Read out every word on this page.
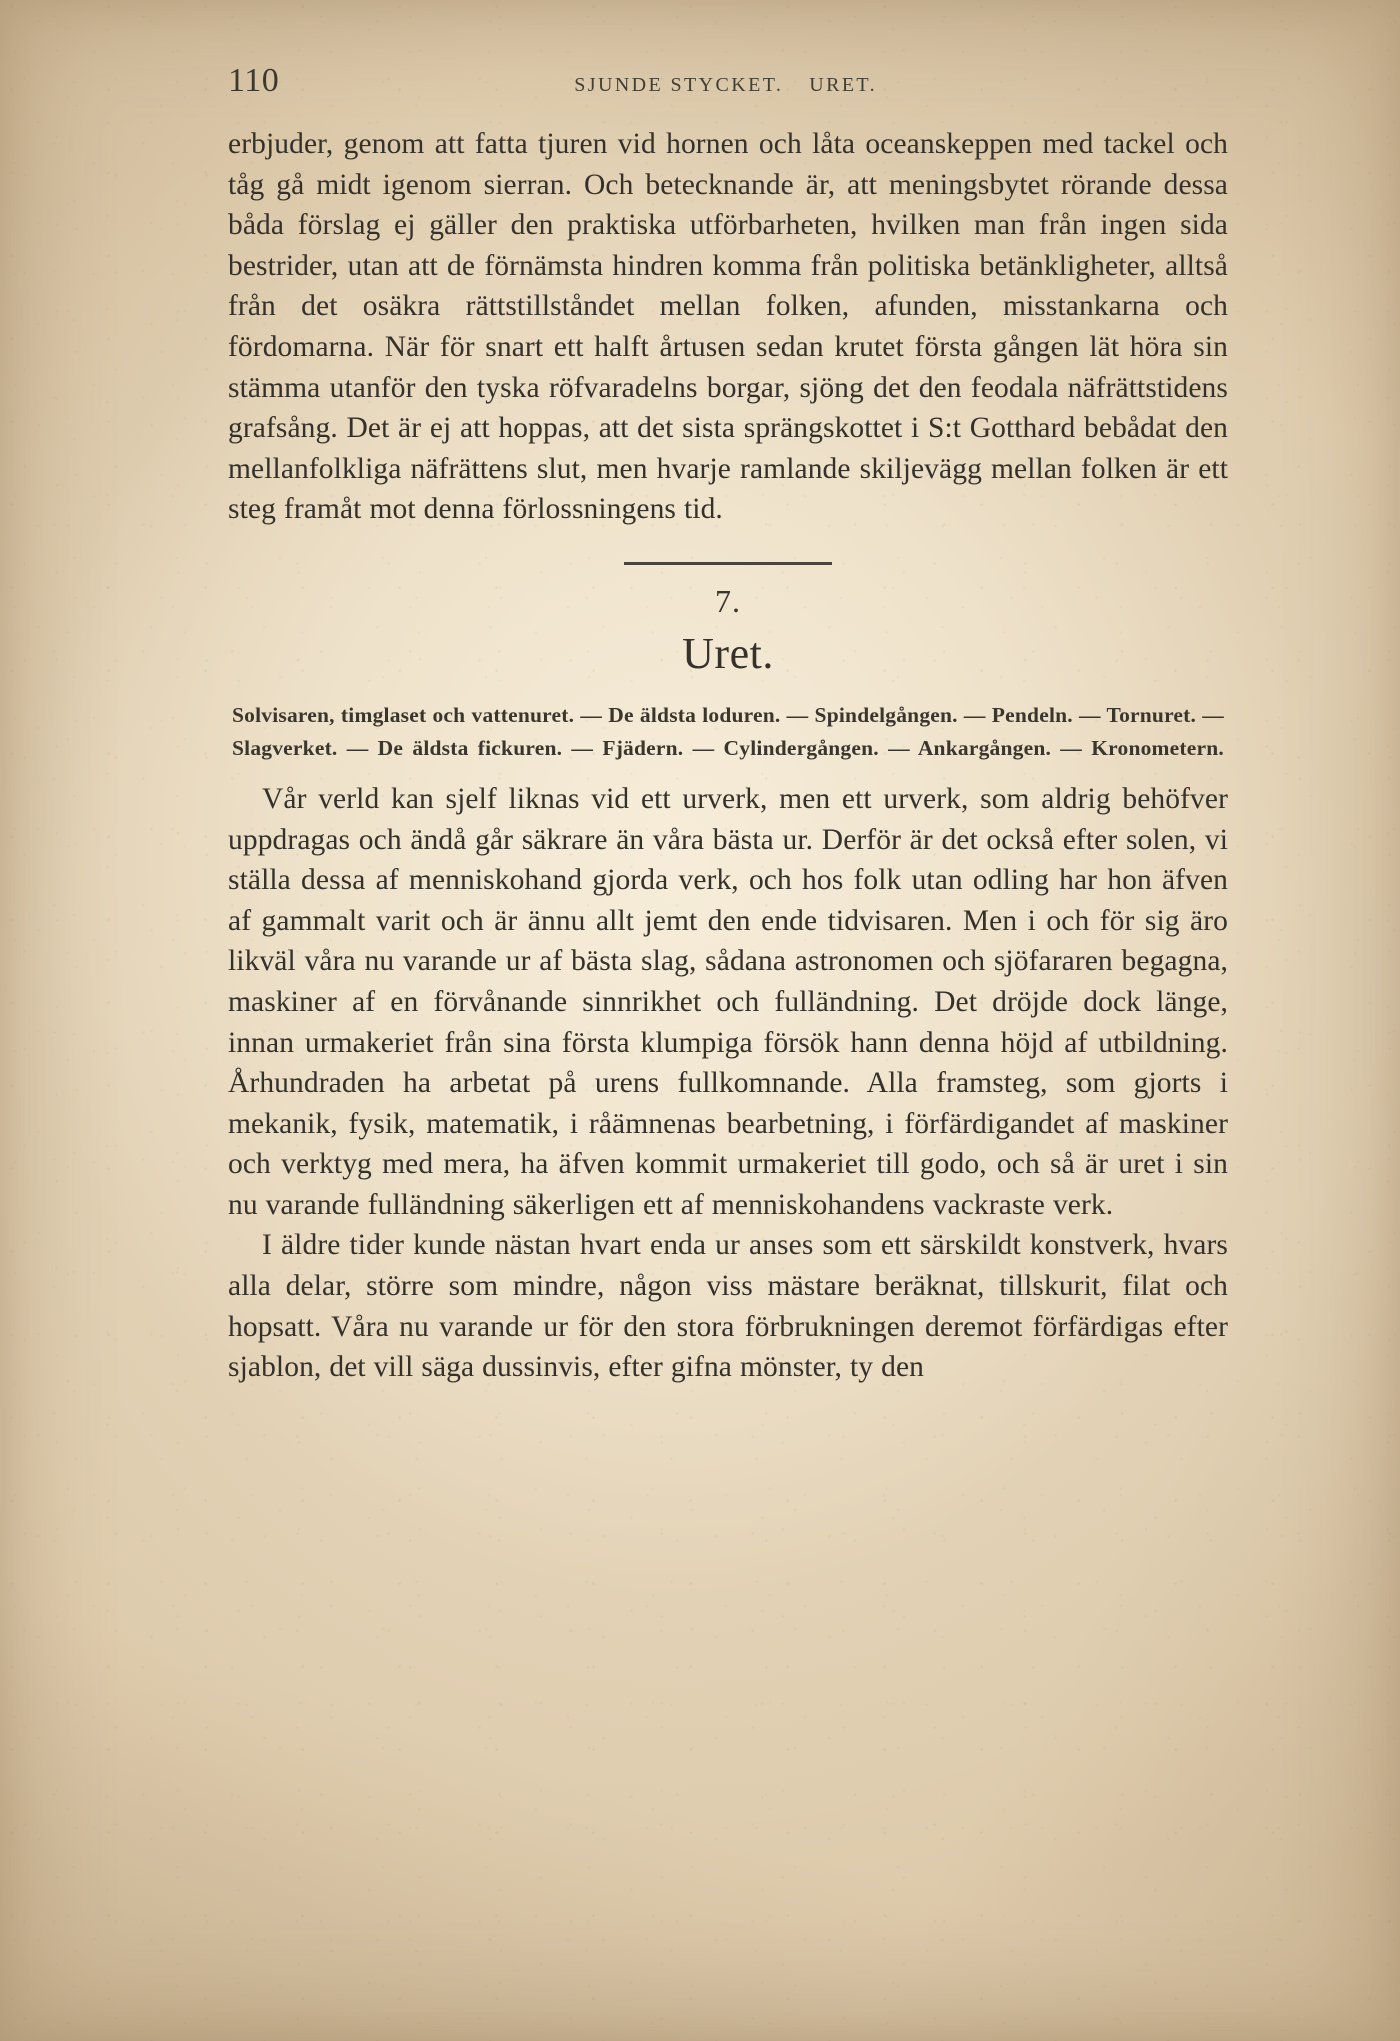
110	SJUNDE STYCKET. URET.

erbjuder, genom att fatta tjuren vid hornen och låta oceanskeppen med tackel och tåg gå midt igenom sierran. Och betecknande är, att meningsbytet rörande dessa båda förslag ej gäller den praktiska utförbarheten, hvilken man från ingen sida bestrider, utan att de förnämsta hindren komma från politiska betänkligheter, alltså från det osäkra rättstillståndet mellan folken, afunden, misstankarna och fördomarna. När för snart ett halft årtusen sedan krutet första gången lät höra sin stämma utanför den tyska röfvaradelns borgar, sjöng det den feodala näfrättstidens grafsång. Det är ej att hoppas, att det sista sprängskottet i S:t Gotthard bebådat den mellanfolkliga näfrättens slut, men hvarje ramlande skiljevägg mellan folken är ett steg framåt mot denna förlossningens tid.

7.
Uret.
Solvisaren, timglaset och vattenuret. — De äldsta loduren. — Spindelgången. — Pendeln. — Tornuret. — Slagverket. — De äldsta fickuren. — Fjädern. — Cylindergången. — Ankargången. — Kronometern.

Vår verld kan sjelf liknas vid ett urverk, men ett urverk, som aldrig behöfver uppdragas och ändå går säkrare än våra bästa ur. Derför är det också efter solen, vi ställa dessa af menniskohand gjorda verk, och hos folk utan odling har hon äfven af gammalt varit och är ännu allt jemt den ende tidvisaren. Men i och för sig äro likväl våra nu varande ur af bästa slag, sådana astronomen och sjöfararen begagna, maskiner af en förvånande sinnrikhet och fulländning. Det dröjde dock länge, innan urmakeriet från sina första klumpiga försök hann denna höjd af utbildning. Århundraden ha arbetat på urens fullkomnande. Alla framsteg, som gjorts i mekanik, fysik, matematik, i råämnenas bearbetning, i förfärdigandet af maskiner och verktyg med mera, ha äfven kommit urmakeriet till godo, och så är uret i sin nu varande fulländning säkerligen ett af menniskohandens vackraste verk.

I äldre tider kunde nästan hvart enda ur anses som ett särskildt konstverk, hvars alla delar, större som mindre, någon viss mästare beräknat, tillskurit, filat och hopsatt. Våra nu varande ur för den stora förbrukningen deremot förfärdigas efter sjablon, det vill säga dussinvis, efter gifna mönster, ty den
